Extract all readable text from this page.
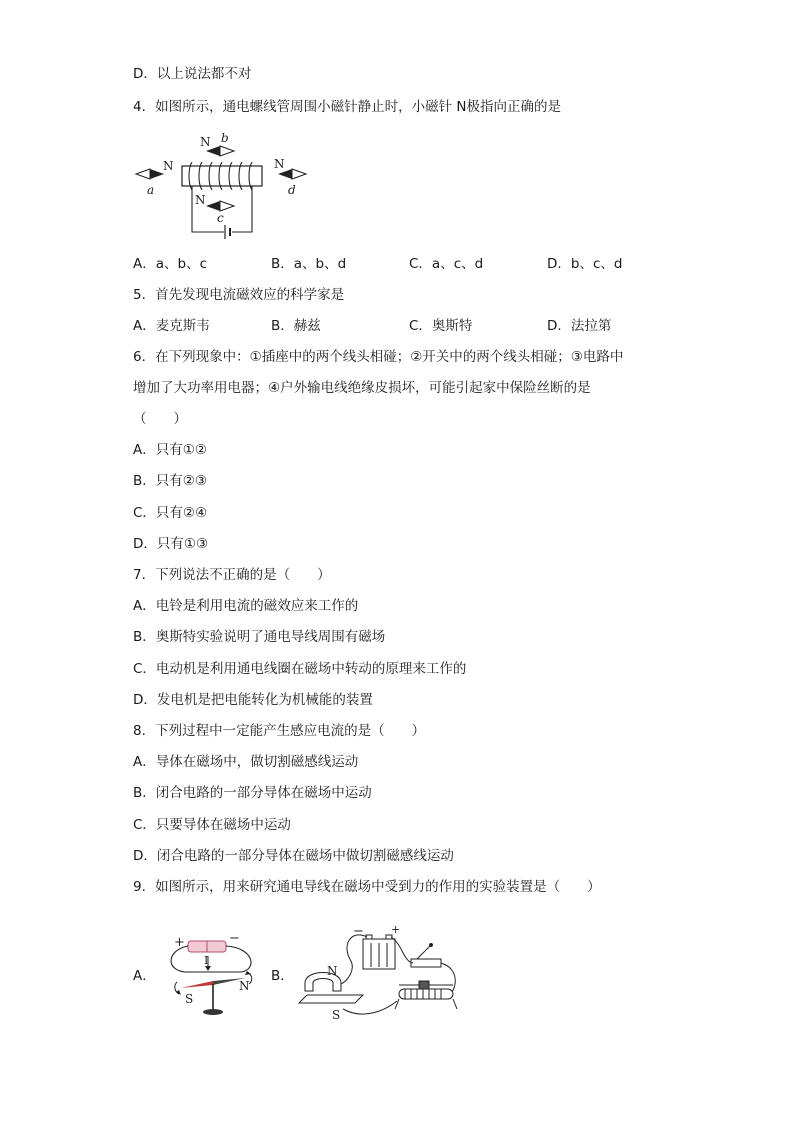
D．以上说法都不对
4．如图所示，通电螺线管周围小磁针静止时，小磁针 N极指向正确的是
N
a
N b
N
c
N
d
A．a、b、c	B．a、b、d	C．a、c、d	D．b、c、d
5．首先发现电流磁效应的科学家是
A．麦克斯韦	B．赫兹	C．奥斯特	D．法拉第
6．在下列现象中：①插座中的两个线头相碰；②开关中的两个线头相碰；③电路中
增加了大功率用电器；④户外输电线绝缘皮损坏，可能引起家中保险丝断的是
（　　）
A．只有①②
B．只有②③
C．只有②④
D．只有①③
7．下列说法不正确的是（　　）
A．电铃是利用电流的磁效应来工作的
B．奥斯特实验说明了通电导线周围有磁场
C．电动机是利用通电线圈在磁场中转动的原理来工作的
D．发电机是把电能转化为机械能的装置
8．下列过程中一定能产生感应电流的是（　　）
A．导体在磁场中，做切割磁感线运动
B．闭合电路的一部分导体在磁场中运动
C．只要导体在磁场中运动
D．闭合电路的一部分导体在磁场中做切割磁感线运动
9．如图所示，用来研究通电导线在磁场中受到力的作用的实验装置是（　　）
A．
+	−
I
S
N
B．
− +
N
S
